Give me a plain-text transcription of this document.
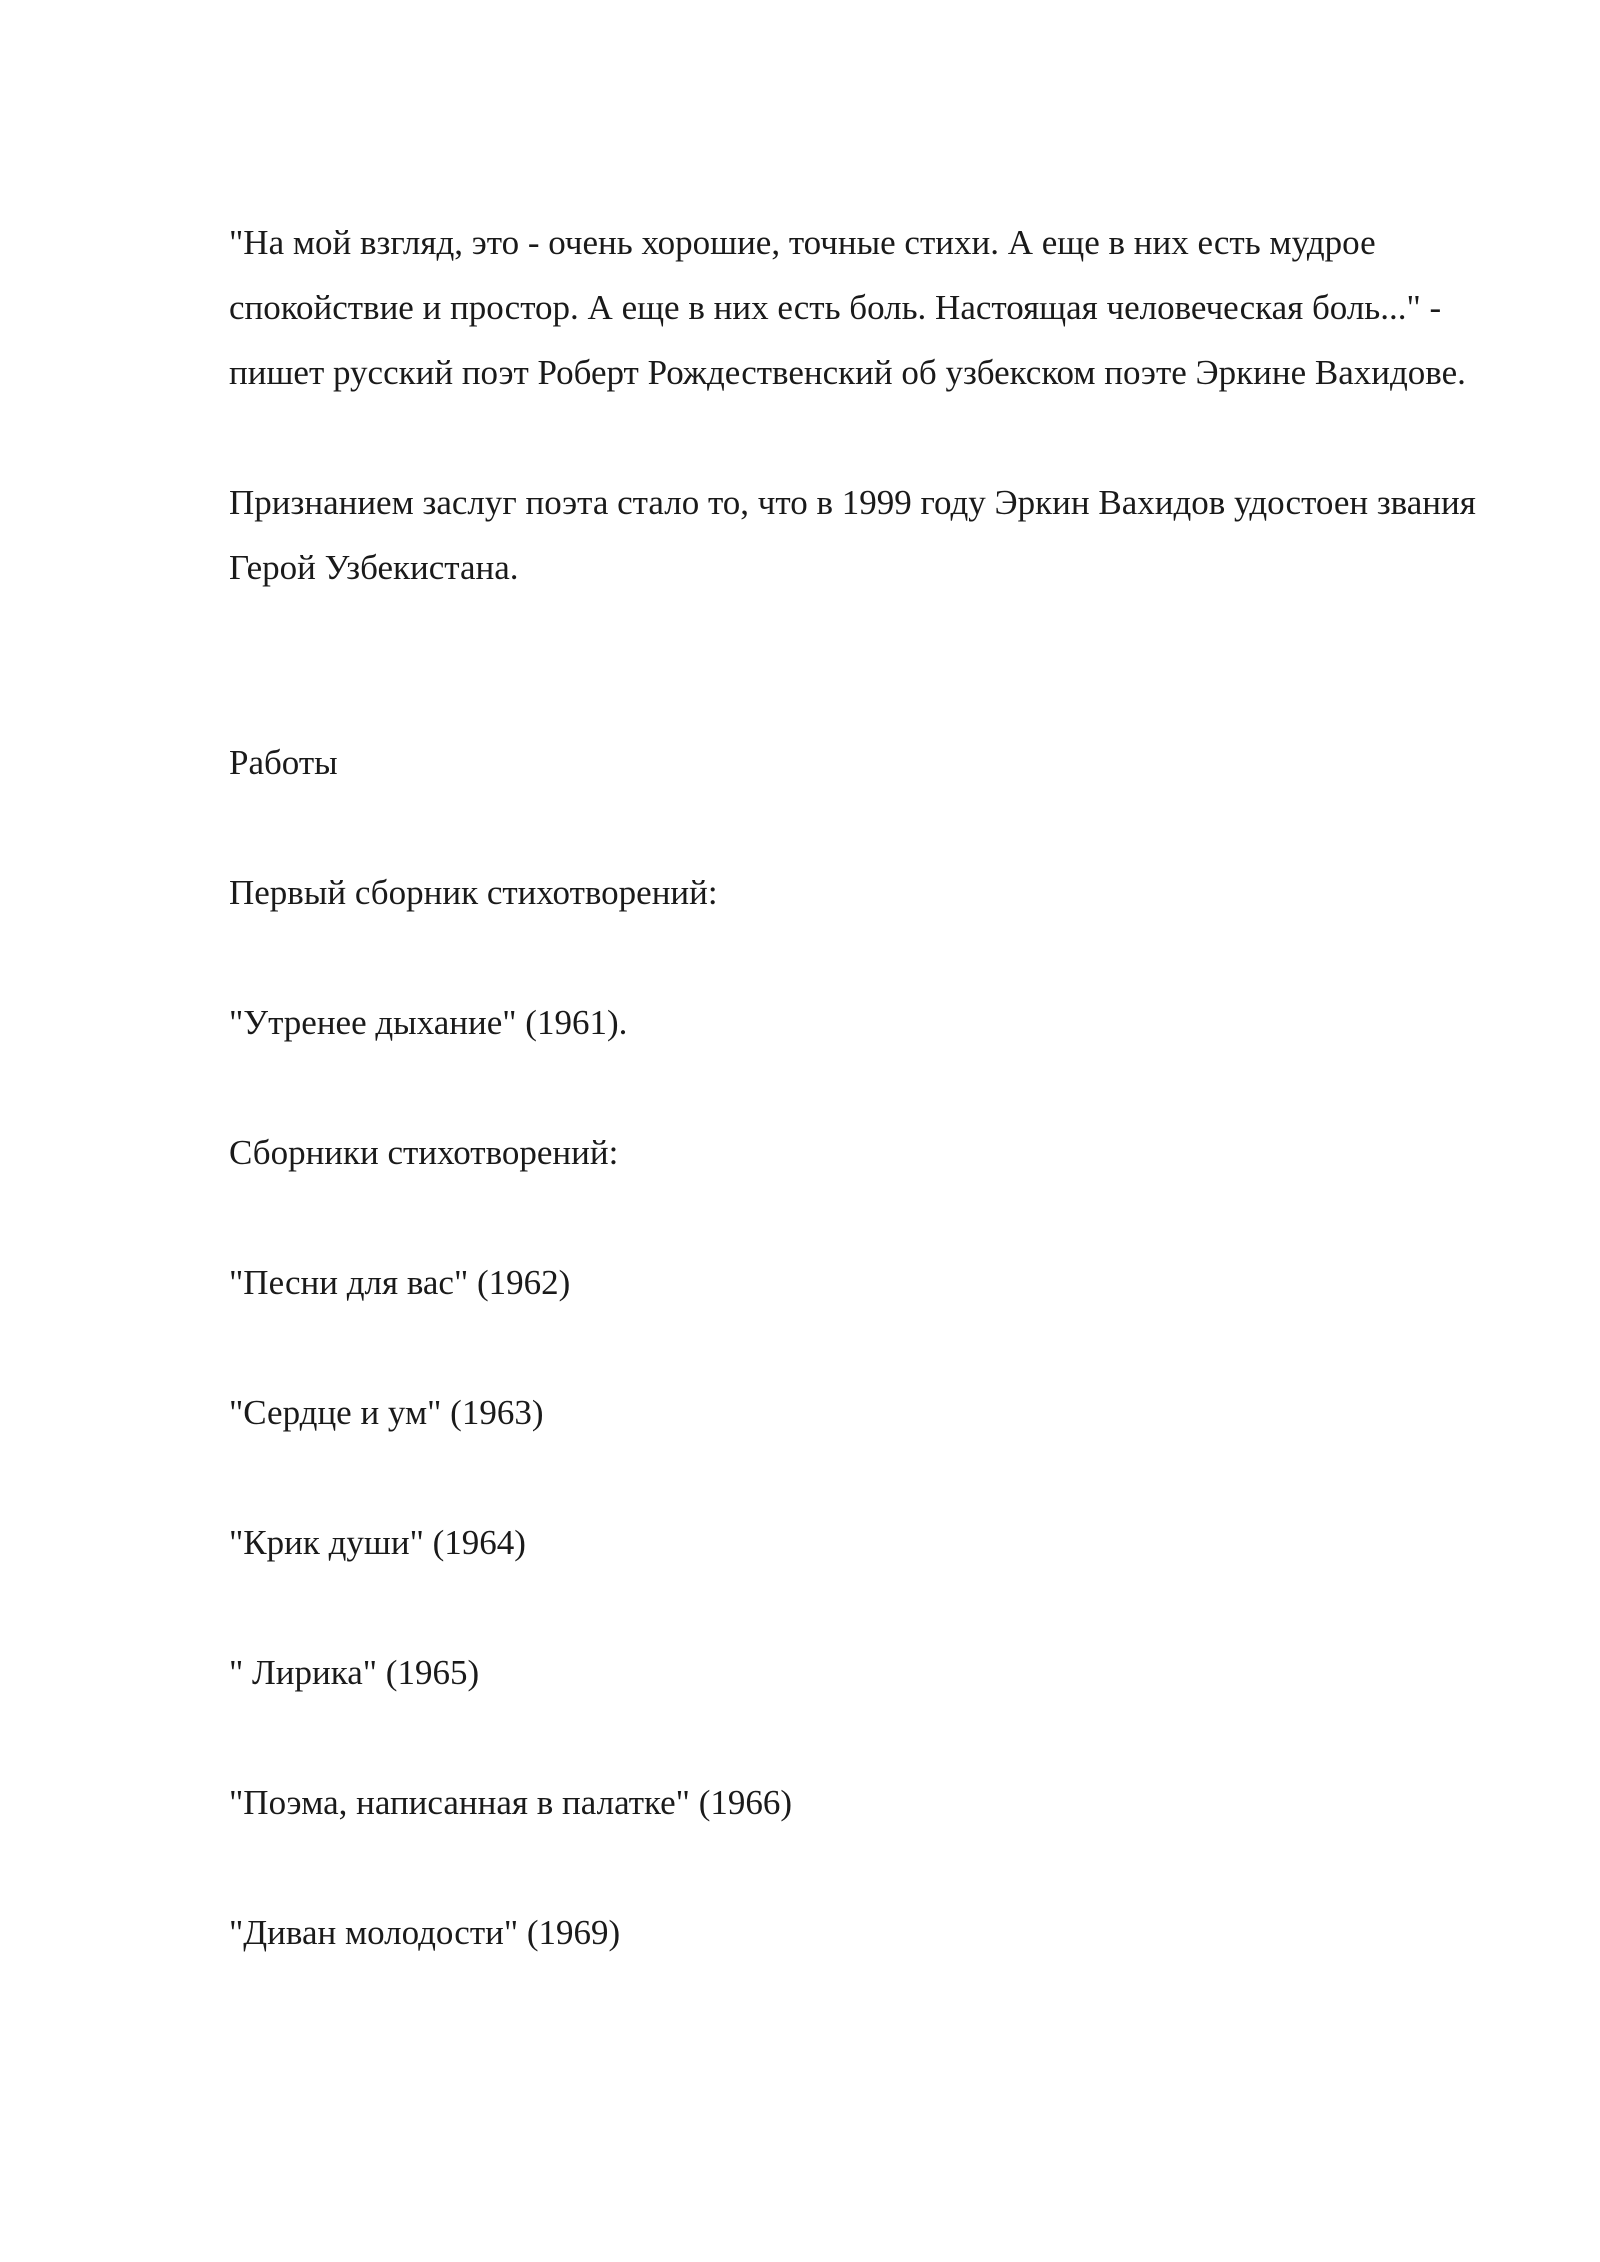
"На мой взгляд, это - очень хорошие, точные стихи. А еще в них есть мудрое спокойствие и простор. А еще в них есть боль. Настоящая человеческая боль..." - пишет русский поэт Роберт Рождественский об узбекском поэте Эркине Вахидове.

Признанием заслуг поэта стало то, что в 1999 году Эркин Вахидов удостоен звания Герой Узбекистана.

Работы

Первый сборник стихотворений:

"Утренее дыхание" (1961).

Сборники стихотворений:

"Песни для вас" (1962)

"Сердце и ум" (1963)

"Крик души" (1964)

" Лирика" (1965)

"Поэма, написанная в палатке" (1966)

"Диван молодости" (1969)
